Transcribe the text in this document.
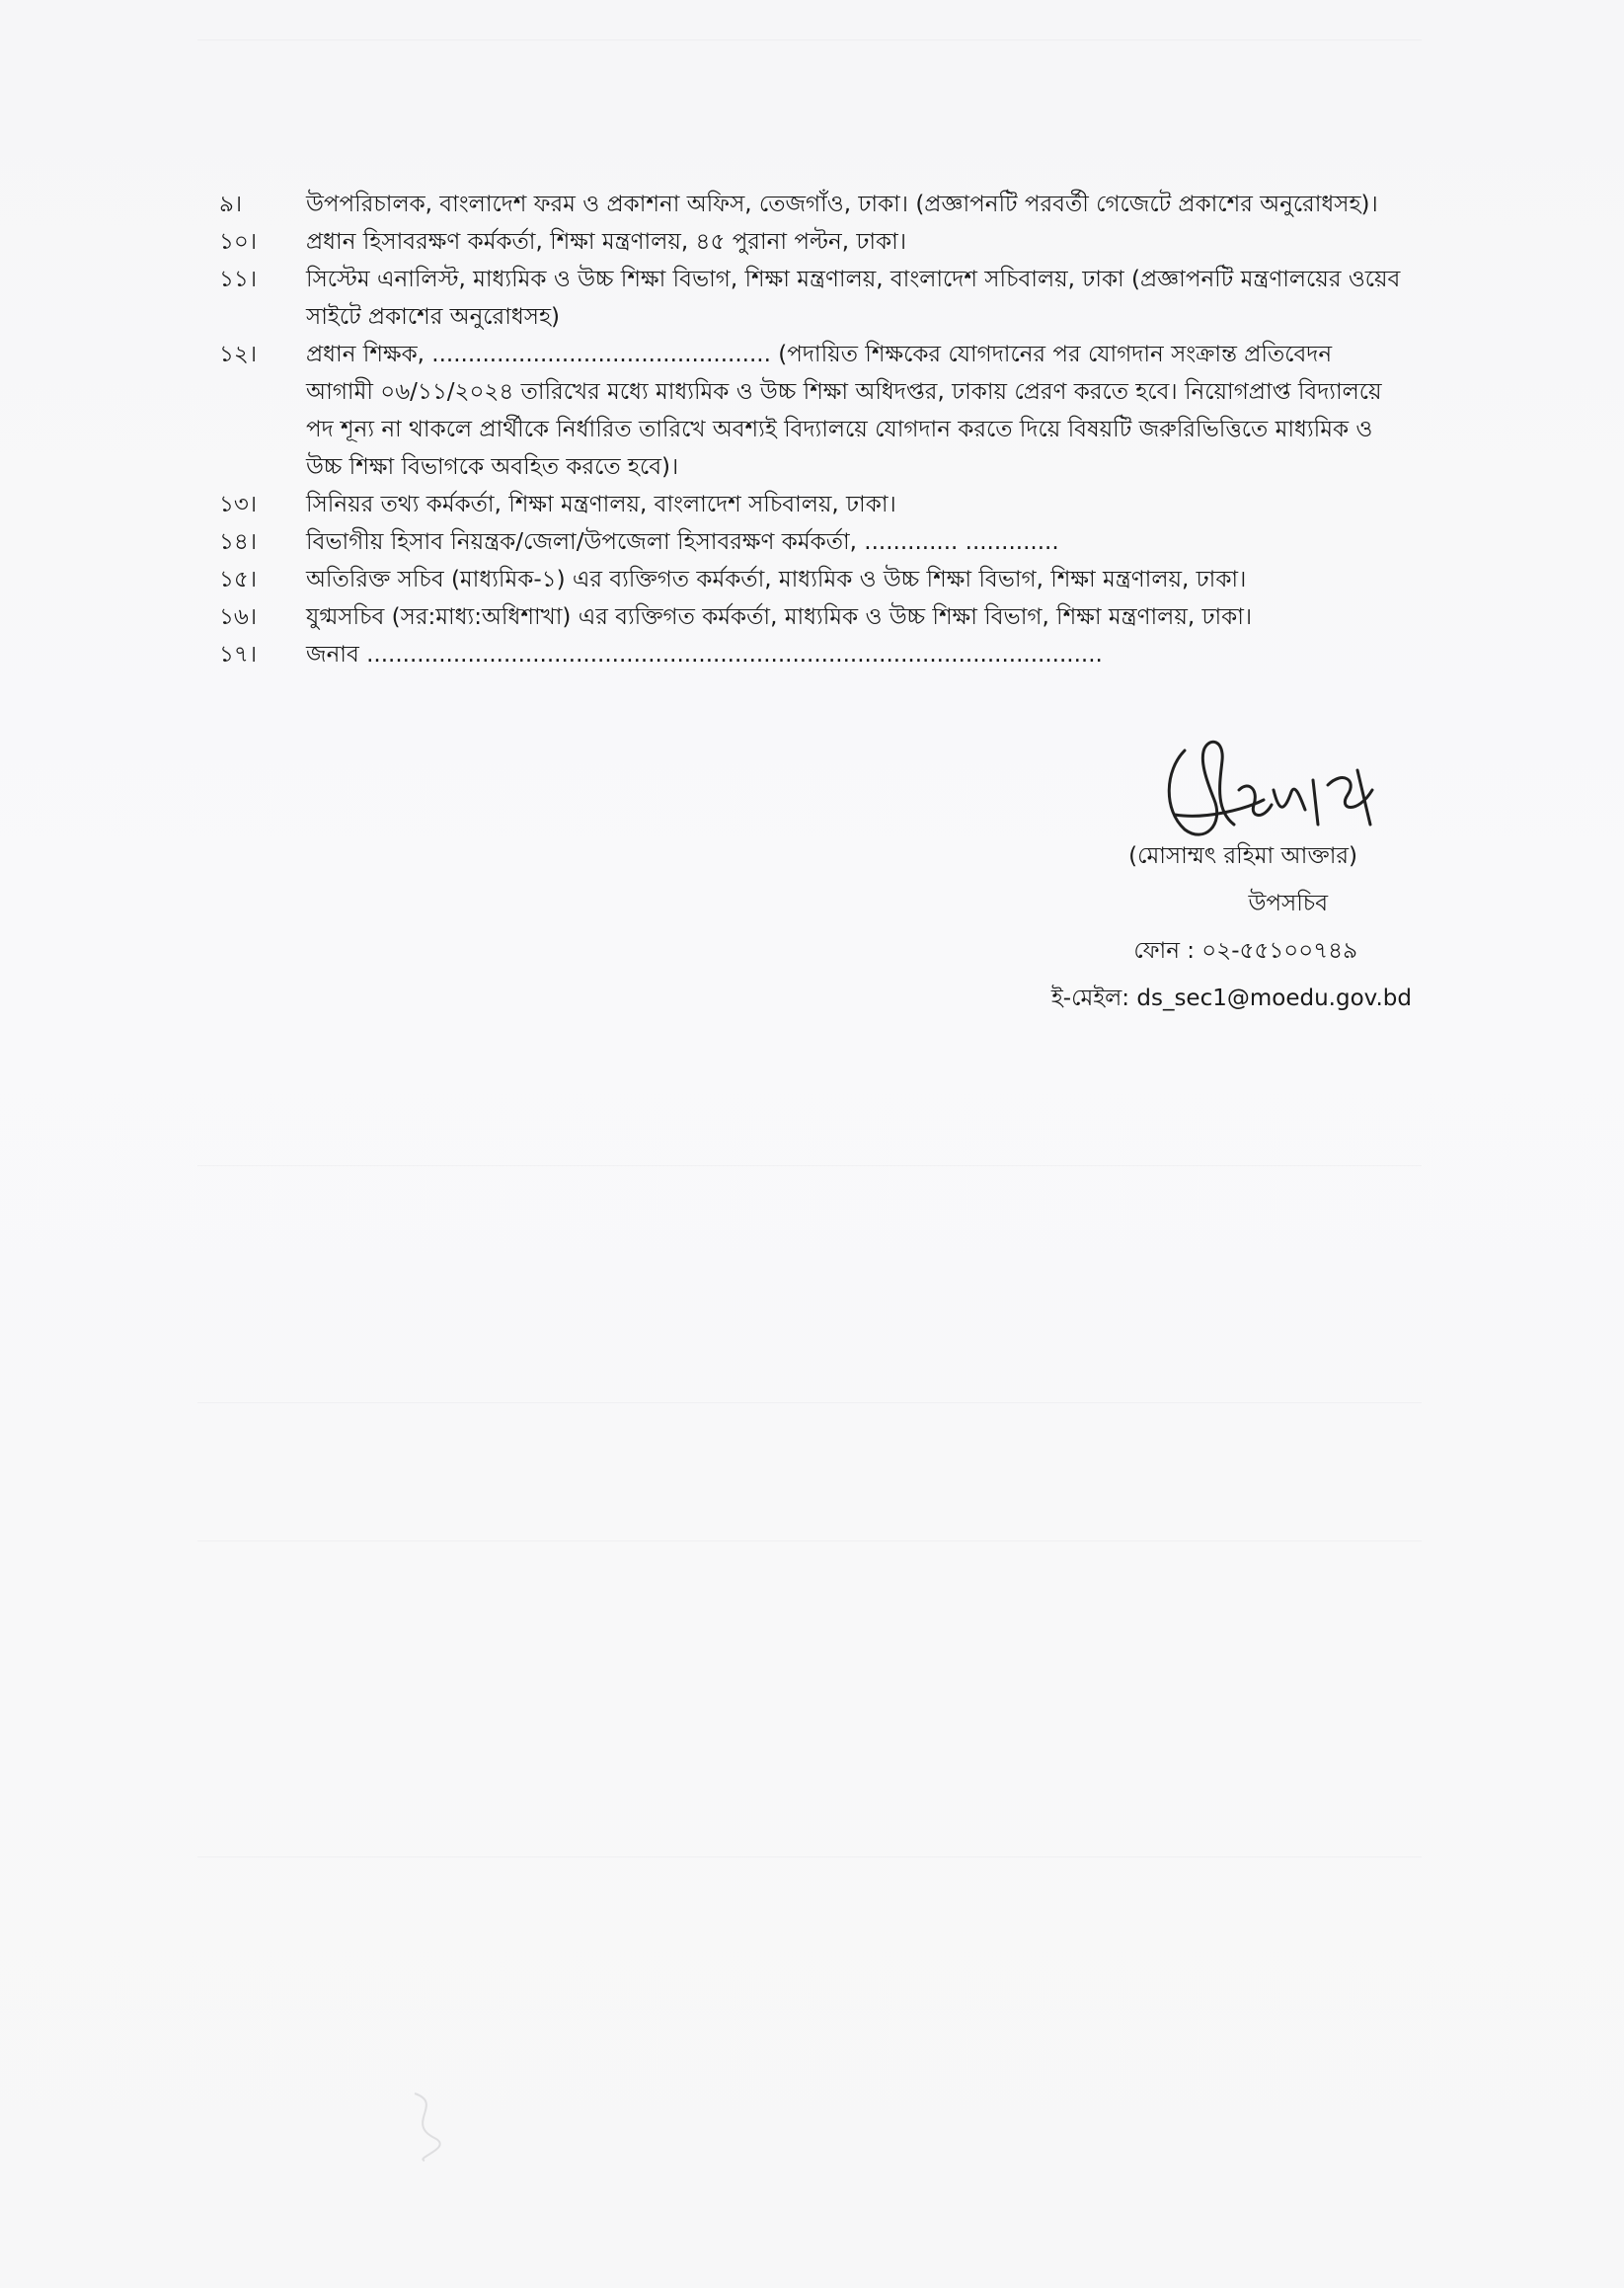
৯।	উপপরিচালক, বাংলাদেশ ফরম ও প্রকাশনা অফিস, তেজগাঁও, ঢাকা। (প্রজ্ঞাপনটি পরবর্তী গেজেটে প্রকাশের অনুরোধসহ)।
১০।	প্রধান হিসাবরক্ষণ কর্মকর্তা, শিক্ষা মন্ত্রণালয়, ৪৫ পুরানা পল্টন, ঢাকা।
১১।	সিস্টেম এনালিস্ট, মাধ্যমিক ও উচ্চ শিক্ষা বিভাগ, শিক্ষা মন্ত্রণালয়, বাংলাদেশ সচিবালয়, ঢাকা (প্রজ্ঞাপনটি মন্ত্রণালয়ের ওয়েব সাইটে প্রকাশের অনুরোধসহ)
১২।	প্রধান শিক্ষক, ............................................... (পদায়িত শিক্ষকের যোগদানের পর যোগদান সংক্রান্ত প্রতিবেদন আগামী ০৬/১১/২০২৪ তারিখের মধ্যে মাধ্যমিক ও উচ্চ শিক্ষা অধিদপ্তর, ঢাকায় প্রেরণ করতে হবে। নিয়োগপ্রাপ্ত বিদ্যালয়ে পদ শূন্য না থাকলে প্রার্থীকে নির্ধারিত তারিখে অবশ্যই বিদ্যালয়ে যোগদান করতে দিয়ে বিষয়টি জরুরিভিত্তিতে মাধ্যমিক ও উচ্চ শিক্ষা বিভাগকে অবহিত করতে হবে)।
১৩।	সিনিয়র তথ্য কর্মকর্তা, শিক্ষা মন্ত্রণালয়, বাংলাদেশ সচিবালয়, ঢাকা।
১৪।	বিভাগীয় হিসাব নিয়ন্ত্রক/জেলা/উপজেলা হিসাবরক্ষণ কর্মকর্তা, ............. .............
১৫।	অতিরিক্ত সচিব (মাধ্যমিক-১) এর ব্যক্তিগত কর্মকর্তা, মাধ্যমিক ও উচ্চ শিক্ষা বিভাগ, শিক্ষা মন্ত্রণালয়, ঢাকা।
১৬।	যুগ্মসচিব (সর:মাধ্য:অধিশাখা) এর ব্যক্তিগত কর্মকর্তা, মাধ্যমিক ও উচ্চ শিক্ষা বিভাগ, শিক্ষা মন্ত্রণালয়, ঢাকা।
১৭।	জনাব ......................................................................................................
(মোসাম্মৎ রহিমা আক্তার)
উপসচিব
ফোন : ০২-৫৫১০০৭৪৯
ই-মেইল: ds_sec1@moedu.gov.bd
